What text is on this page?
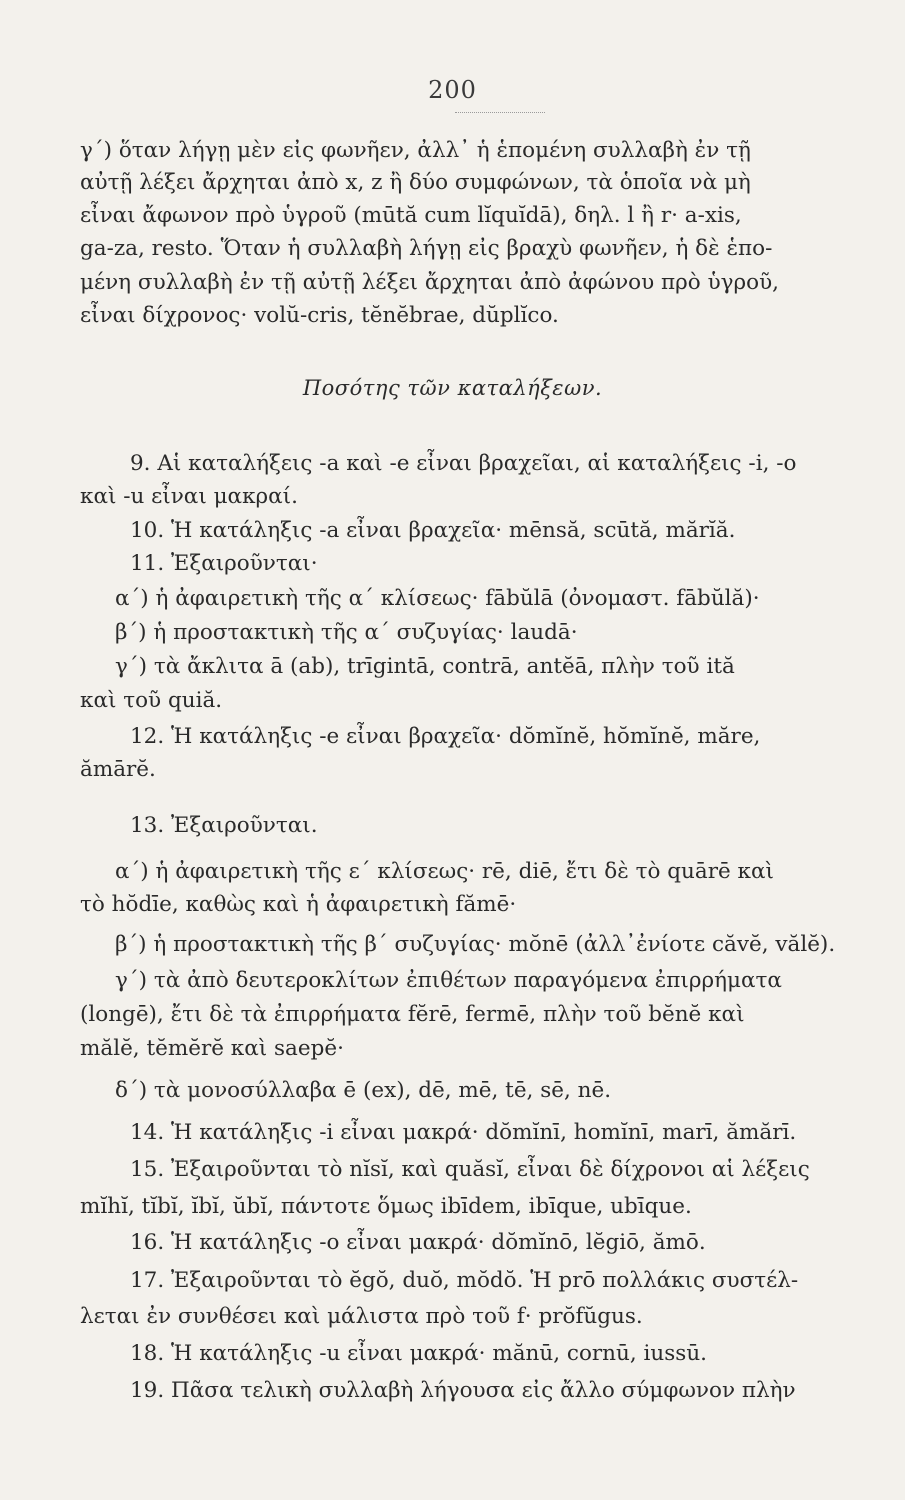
200
γ΄) ὅταν λήγῃ μὲν εἰς φωνῆεν, ἀλλ᾽ ἡ ἑπομένη συλλαβὴ ἐν τῇ
αὐτῇ λέξει ἄρχηται ἀπὸ x, z ἢ δύο συμφώνων, τὰ ὁποῖα νὰ μὴ
εἶναι ἄφωνον πρὸ ὑγροῦ (mūtă cum lĭquĭdā), δηλ. l ἢ r· a-xis,
ga-za, resto. Ὅταν ἡ συλλαβὴ λήγῃ εἰς βραχὺ φωνῆεν, ἡ δὲ ἑπο-
μένη συλλαβὴ ἐν τῇ αὐτῇ λέξει ἄρχηται ἀπὸ ἀφώνου πρὸ ὑγροῦ,
εἶναι δίχρονος· volŭ-cris, tĕnĕbrae, dŭplĭco.
Ποσότης τῶν καταλήξεων.
9. Αἱ καταλήξεις -a καὶ -e εἶναι βραχεῖαι, αἱ καταλήξεις -i, -o
καὶ -u εἶναι μακραί.
10. Ἡ κατάληξις -a εἶναι βραχεῖα· mēnsă, scūtă, mărĭă.
11. Ἐξαιροῦνται·
α΄) ἡ ἀφαιρετικὴ τῆς α΄ κλίσεως· fābŭlā (ὀνομαστ. fābŭlă)·
β΄) ἡ προστακτικὴ τῆς α΄ συζυγίας· laudā·
γ΄) τὰ ἄκλιτα ā (ab), trīgintā, contrā, antĕā, πλὴν τοῦ ită
καὶ τοῦ quiă.
12. Ἡ κατάληξις -e εἶναι βραχεῖα· dŏmĭnĕ, hŏmĭnĕ, măre,
ămārĕ.
13. Ἐξαιροῦνται.
α΄) ἡ ἀφαιρετικὴ τῆς ε΄ κλίσεως· rē, diē, ἔτι δὲ τὸ quārē καὶ
τὸ hŏdīe, καθὼς καὶ ἡ ἀφαιρετικὴ fămē·
β΄) ἡ προστακτικὴ τῆς β΄ συζυγίας· mŏnē (ἀλλ᾽ἐνίοτε căvĕ, vălĕ).
γ΄) τὰ ἀπὸ δευτεροκλίτων ἐπιθέτων παραγόμενα ἐπιρρήματα
(longē), ἔτι δὲ τὰ ἐπιρρήματα fĕrē, fermē, πλὴν τοῦ bĕnĕ καὶ
mălĕ, tĕmĕrĕ καὶ saepĕ·
δ΄) τὰ μονοσύλλαβα ē (ex), dē, mē, tē, sē, nē.
14. Ἡ κατάληξις -i εἶναι μακρά· dŏmĭnī, homĭnī, marī, ămărī.
15. Ἐξαιροῦνται τὸ nĭsĭ, καὶ quăsĭ, εἶναι δὲ δίχρονοι αἱ λέξεις
mĭhĭ, tĭbĭ, ĭbĭ, ŭbĭ, πάντοτε ὅμως ibīdem, ibīque, ubīque.
16. Ἡ κατάληξις -o εἶναι μακρά· dŏmĭnō, lĕgiō, ămō.
17. Ἐξαιροῦνται τὸ ĕgŏ, duŏ, mŏdŏ. Ἡ prō πολλάκις συστέλ-
λεται ἐν συνθέσει καὶ μάλιστα πρὸ τοῦ f· prŏfŭgus.
18. Ἡ κατάληξις -u εἶναι μακρά· mănū, cornū, iussū.
19. Πᾶσα τελικὴ συλλαβὴ λήγουσα εἰς ἄλλο σύμφωνον πλὴν
